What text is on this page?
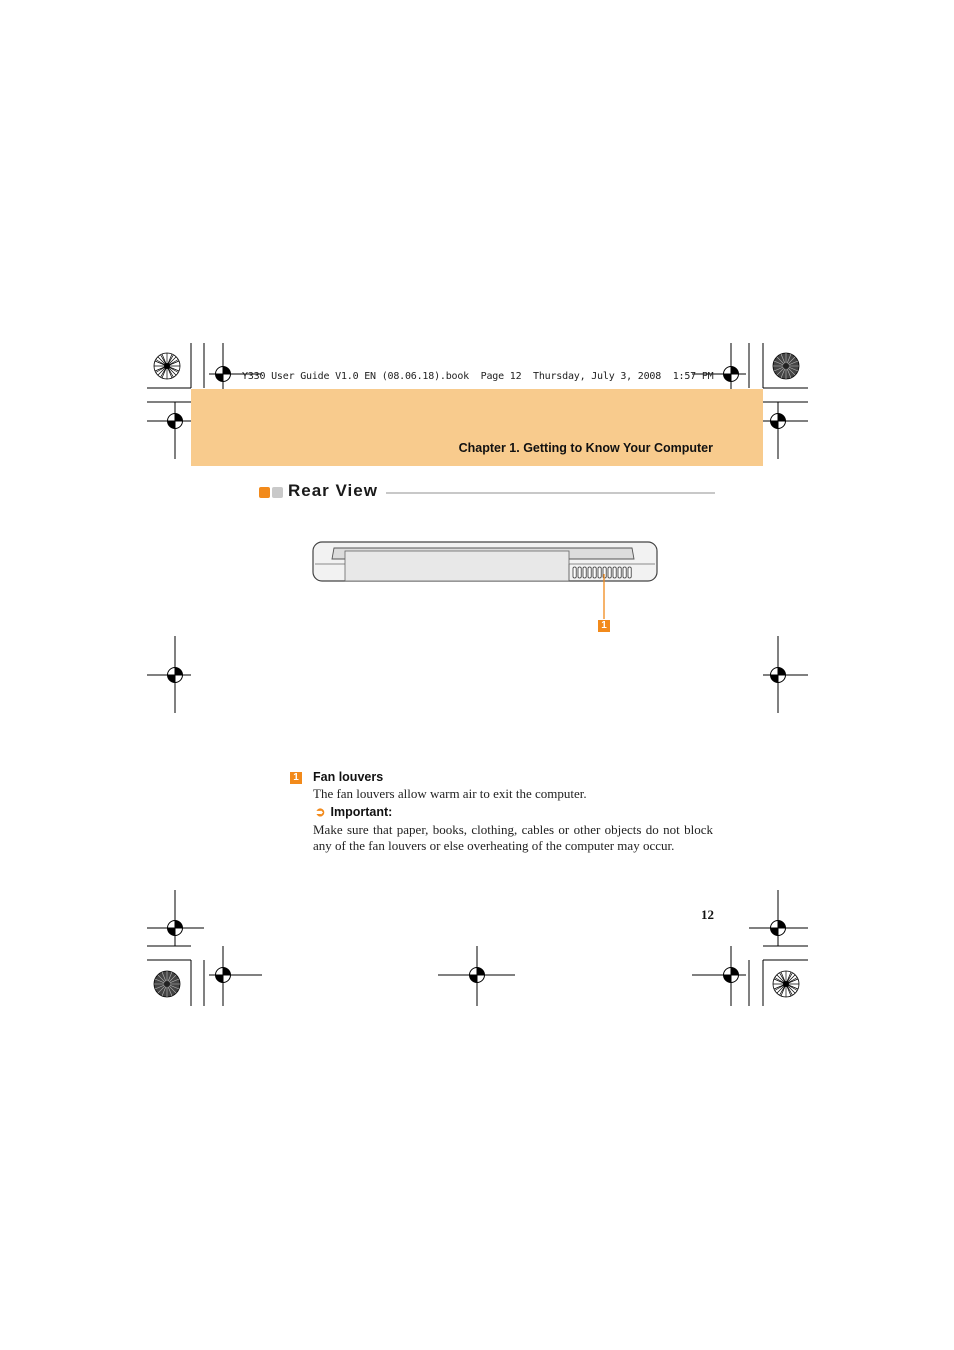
Y330 User Guide V1.0 EN (08.06.18).book  Page 12  Thursday, July 3, 2008  1:57 PM
Chapter 1. Getting to Know Your Computer
Rear View
1
1 Fan louvers
The fan louvers allow warm air to exit the computer.
➲ Important:
Make sure that paper, books, clothing, cables or other objects do not block any of the fan louvers or else overheating of the computer may occur.
12
